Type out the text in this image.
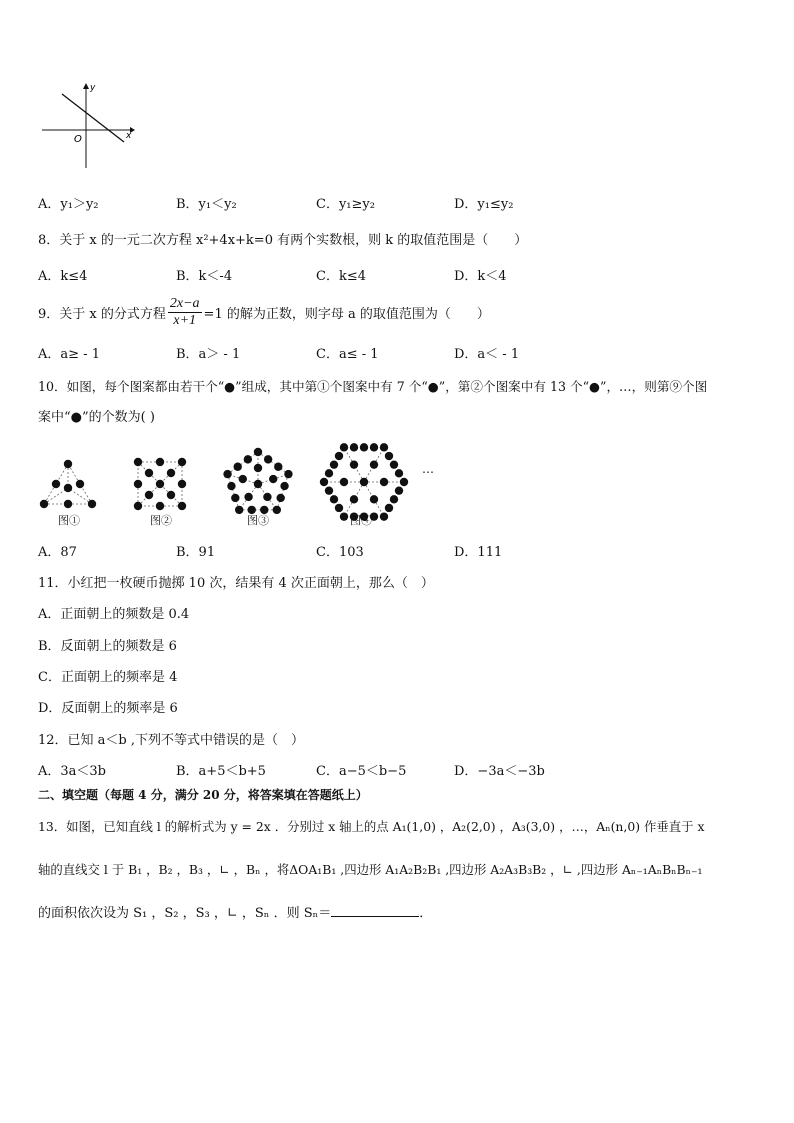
y
x
O
A．y₁＞y₂	B．y₁＜y₂	C．y₁≥y₂	D．y₁≤y₂
8．关于 x 的一元二次方程 x²+4x+k=0 有两个实数根，则 k 的取值范围是（　　）
A．k≤4	B．k＜-4	C．k≤4	D．k＜4
9．关于 x 的分式方程 $\frac{2x-a}{x+1} =1$ 的解为正数，则字母 a 的取值范围为（　　）
A．a≥ - 1	B．a＞ - 1	C．a≤ - 1	D．a＜ - 1
10．如图，每个图案都由若干个“●”组成，其中第①个图案中有 7 个“●”，第②个图案中有 13 个“●”，…，则第⑨个图
案中“●”的个数为( )
图①	图②	图③	图④
…
A．87	B．91	C．103	D．111
11．小红把一枚硬币抛掷 10 次，结果有 4 次正面朝上，那么（　）
A．正面朝上的频数是 0.4
B．反面朝上的频数是 6
C．正面朝上的频率是 4
D．反面朝上的频率是 6
12．已知 a＜b ,下列不等式中错误的是（　）
A．3a＜3b	B．a+5＜b+5	C．a−5＜b−5	D．−3a＜−3b
二、填空题（每题 4 分，满分 20 分，将答案填在答题纸上）
13．如图，已知直线 l 的解析式为 y = 2x ．分别过 x 轴上的点 A₁(1,0) ，A₂(2,0) ，A₃(3,0) ，…，Aₙ(n,0) 作垂直于 x
轴的直线交 l 于 B₁ ，B₂ ，B₃ ，∟ ，Bₙ ，将ΔOA₁B₁ ,四边形 A₁A₂B₂B₁ ,四边形 A₂A₃B₃B₂ ，∟ ,四边形 Aₙ₋₁AₙBₙBₙ₋₁
的面积依次设为 S₁ ，S₂ ，S₃ ，∟ ，Sₙ ．则 Sₙ＝	．
